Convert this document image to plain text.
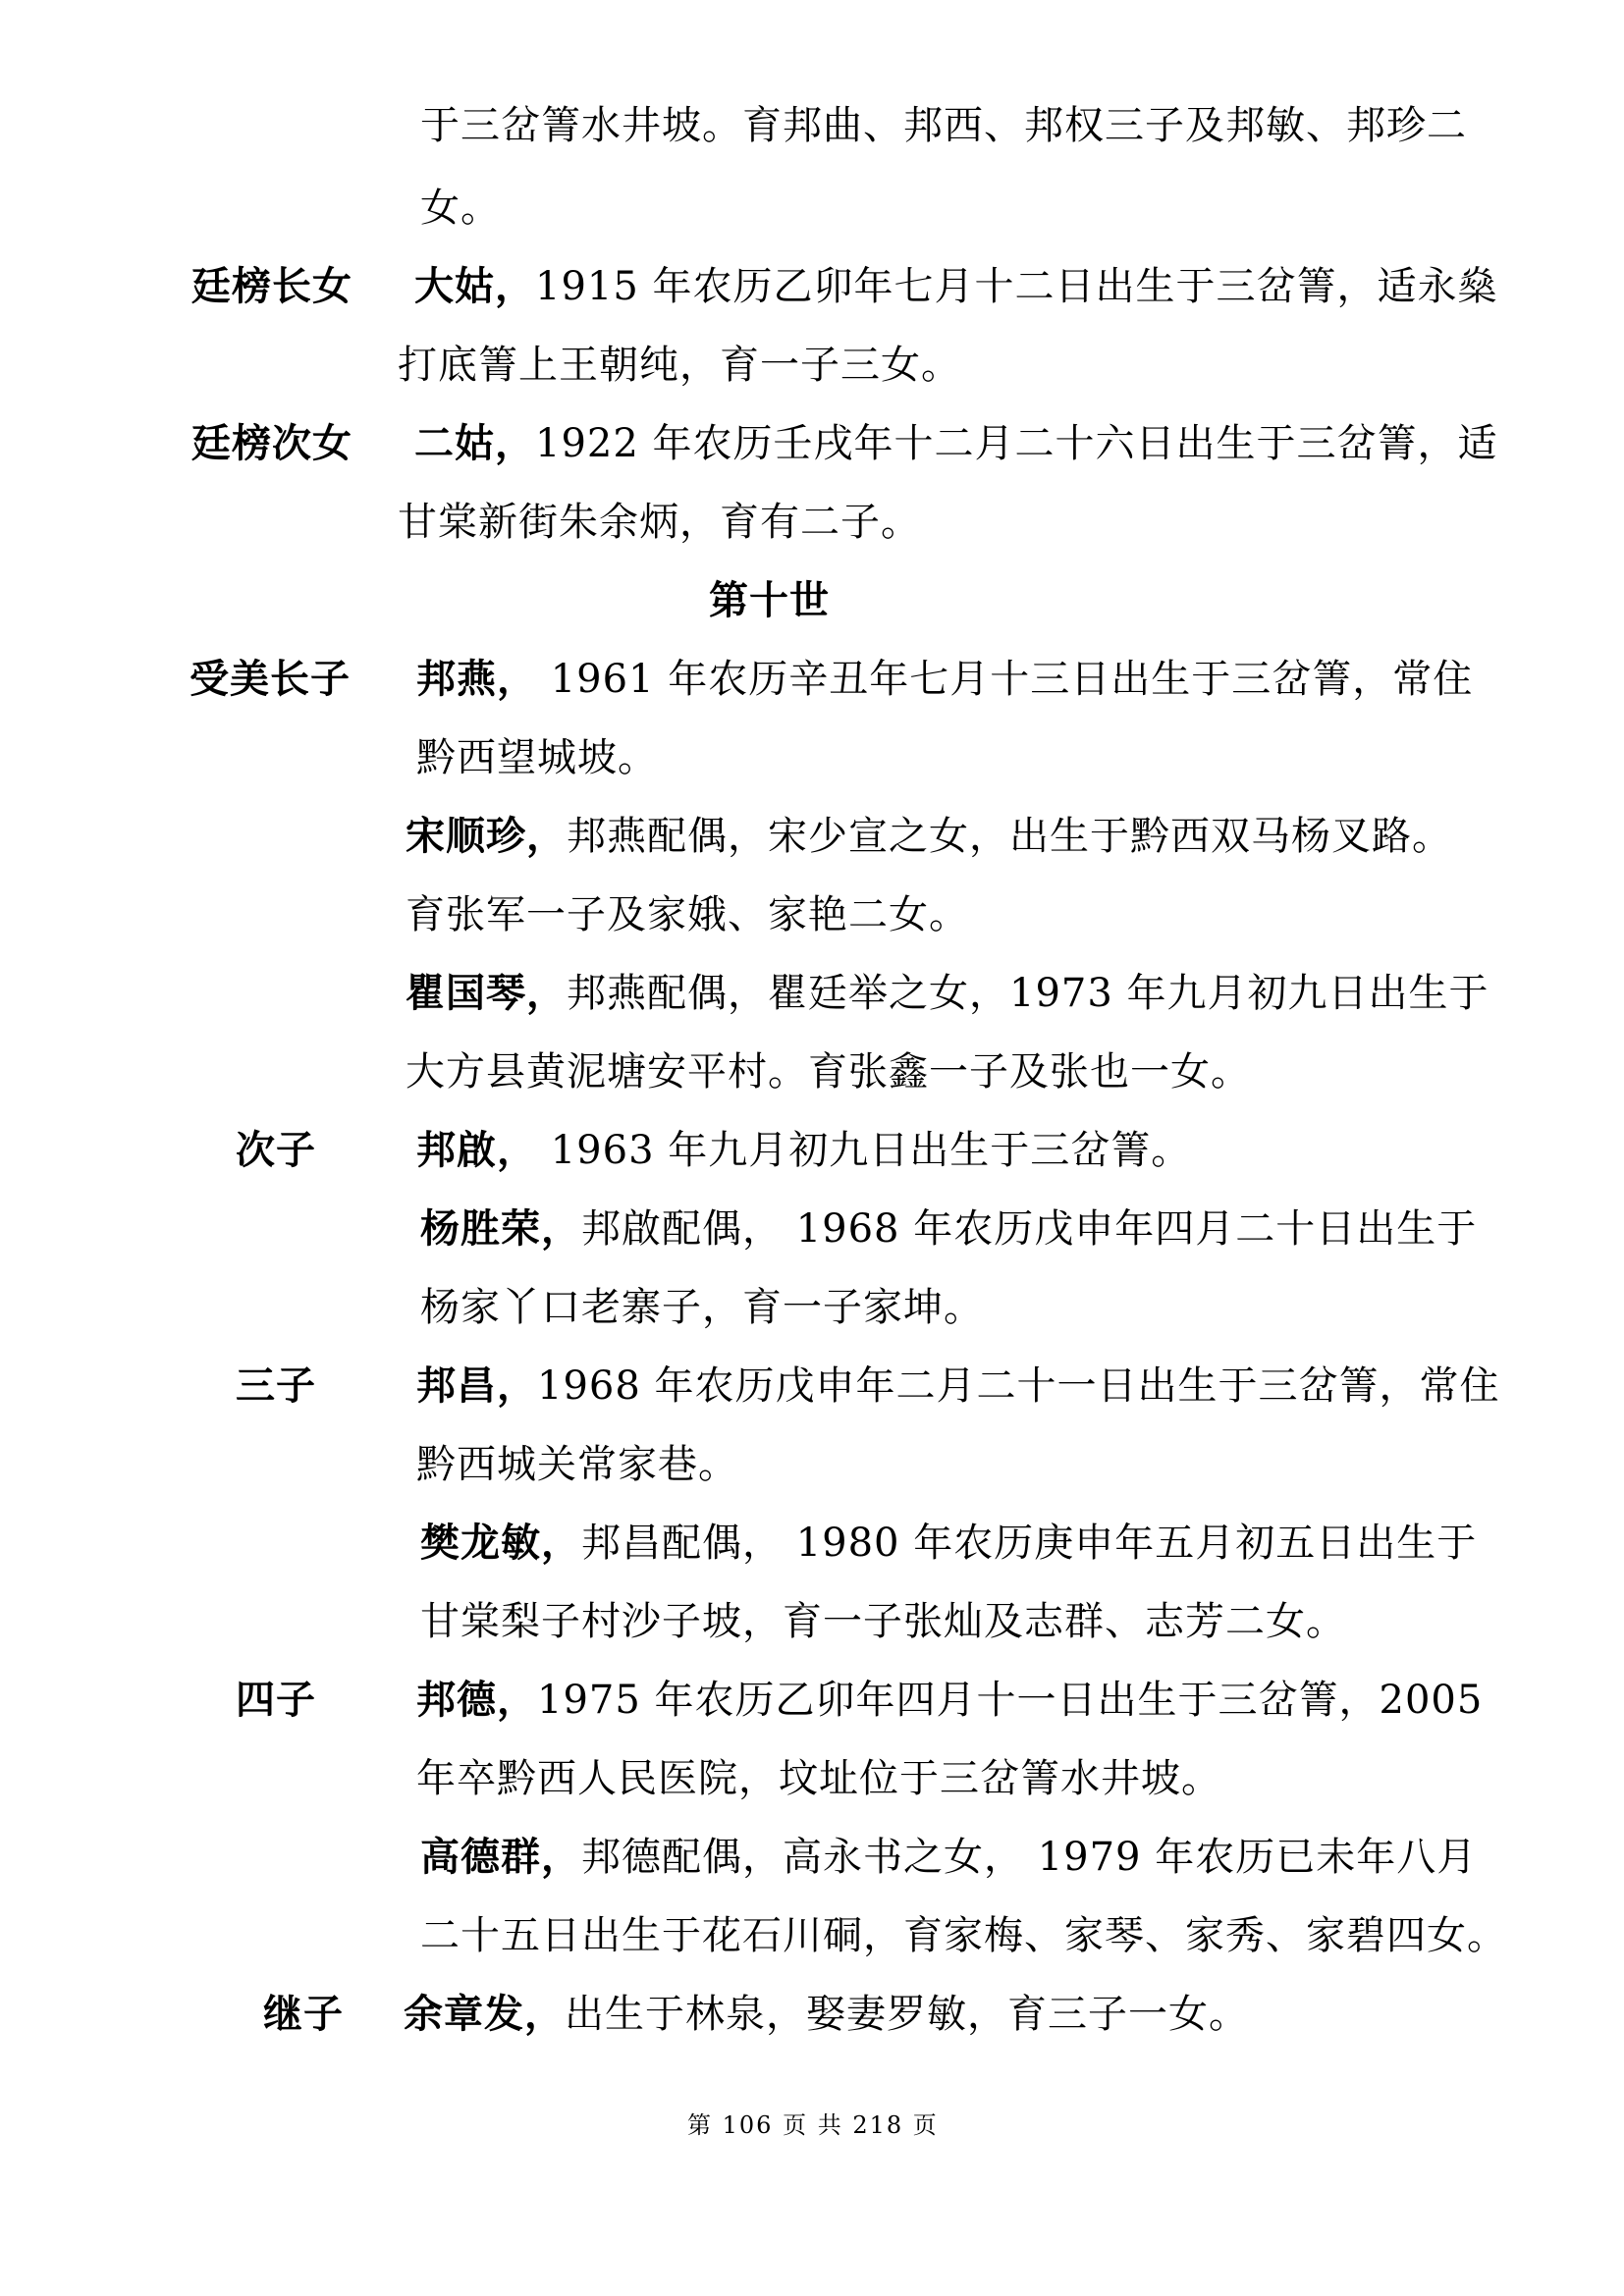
于三岔箐水井坡。育邦曲、邦西、邦权三子及邦敏、邦珍二
女。
廷榜长女 大姑，1915 年农历乙卯年七月十二日出生于三岔箐，适永燊
打底箐上王朝纯，育一子三女。
廷榜次女 二姑，1922 年农历壬戌年十二月二十六日出生于三岔箐，适
甘棠新街朱余炳，育有二子。
第十世
受美长子 邦燕， 1961 年农历辛丑年七月十三日出生于三岔箐，常住
黔西望城坡。
宋顺珍，邦燕配偶，宋少宣之女，出生于黔西双马杨叉路。
育张军一子及家娥、家艳二女。
瞿国琴，邦燕配偶，瞿廷举之女，1973 年九月初九日出生于
大方县黄泥塘安平村。育张鑫一子及张也一女。
次子	邦啟， 1963 年九月初九日出生于三岔箐。
杨胜荣，邦啟配偶， 1968 年农历戊申年四月二十日出生于
杨家丫口老寨子，育一子家坤。
三子	邦昌，1968 年农历戊申年二月二十一日出生于三岔箐，常住
黔西城关常家巷。
樊龙敏，邦昌配偶， 1980 年农历庚申年五月初五日出生于
甘棠梨子村沙子坡，育一子张灿及志群、志芳二女。
四子	邦德，1975 年农历乙卯年四月十一日出生于三岔箐，2005
年卒黔西人民医院，坟址位于三岔箐水井坡。
高德群，邦德配偶，高永书之女， 1979 年农历已未年八月
二十五日出生于花石川硐，育家梅、家琴、家秀、家碧四女。
继子 余章发，出生于林泉，娶妻罗敏，育三子一女。
第 106 页 共 218 页
